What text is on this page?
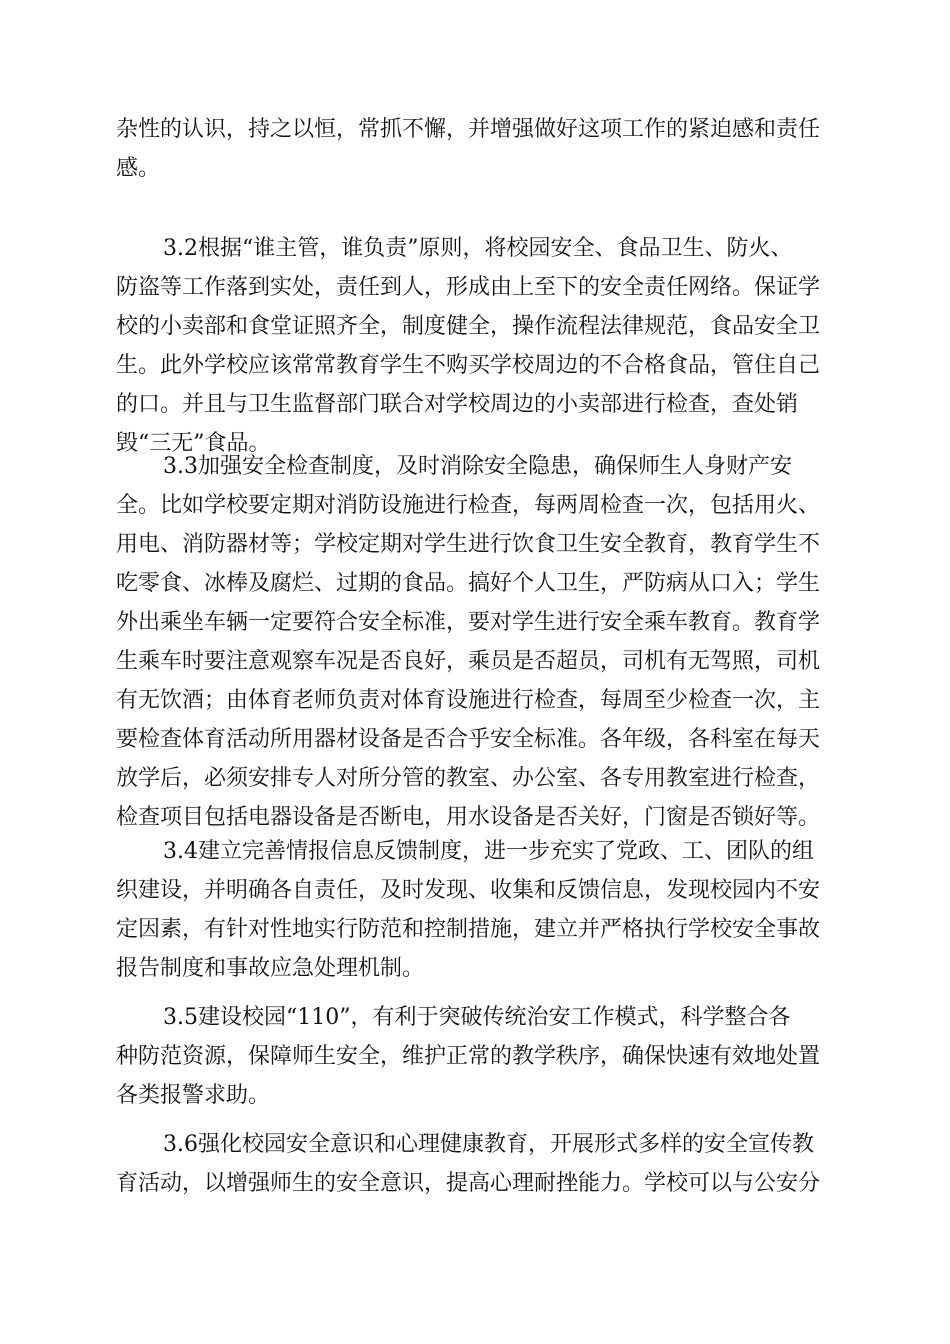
杂性的认识，持之以恒，常抓不懈，并增强做好这项工作的紧迫感和责任
感。
3.2根据“谁主管，谁负责”原则，将校园安全、食品卫生、防火、
防盗等工作落到实处，责任到人，形成由上至下的安全责任网络。保证学
校的小卖部和食堂证照齐全，制度健全，操作流程法律规范，食品安全卫
生。此外学校应该常常教育学生不购买学校周边的不合格食品，管住自己
的口。并且与卫生监督部门联合对学校周边的小卖部进行检查，查处销
毁“三无”食品。
3.3加强安全检查制度，及时消除安全隐患，确保师生人身财产安
全。比如学校要定期对消防设施进行检查，每两周检查一次，包括用火、
用电、消防器材等；学校定期对学生进行饮食卫生安全教育，教育学生不
吃零食、冰棒及腐烂、过期的食品。搞好个人卫生，严防病从口入；学生
外出乘坐车辆一定要符合安全标准，要对学生进行安全乘车教育。教育学
生乘车时要注意观察车况是否良好，乘员是否超员，司机有无驾照，司机
有无饮酒；由体育老师负责对体育设施进行检查，每周至少检查一次，主
要检查体育活动所用器材设备是否合乎安全标准。各年级，各科室在每天
放学后，必须安排专人对所分管的教室、办公室、各专用教室进行检查，
检查项目包括电器设备是否断电，用水设备是否关好，门窗是否锁好等。
3.4建立完善情报信息反馈制度，进一步充实了党政、工、团队的组
织建设，并明确各自责任，及时发现、收集和反馈信息，发现校园内不安
定因素，有针对性地实行防范和控制措施，建立并严格执行学校安全事故
报告制度和事故应急处理机制。
3.5建设校园“110”，有利于突破传统治安工作模式，科学整合各
种防范资源，保障师生安全，维护正常的教学秩序，确保快速有效地处置
各类报警求助。
3.6强化校园安全意识和心理健康教育，开展形式多样的安全宣传教
育活动，以增强师生的安全意识，提高心理耐挫能力。学校可以与公安分
